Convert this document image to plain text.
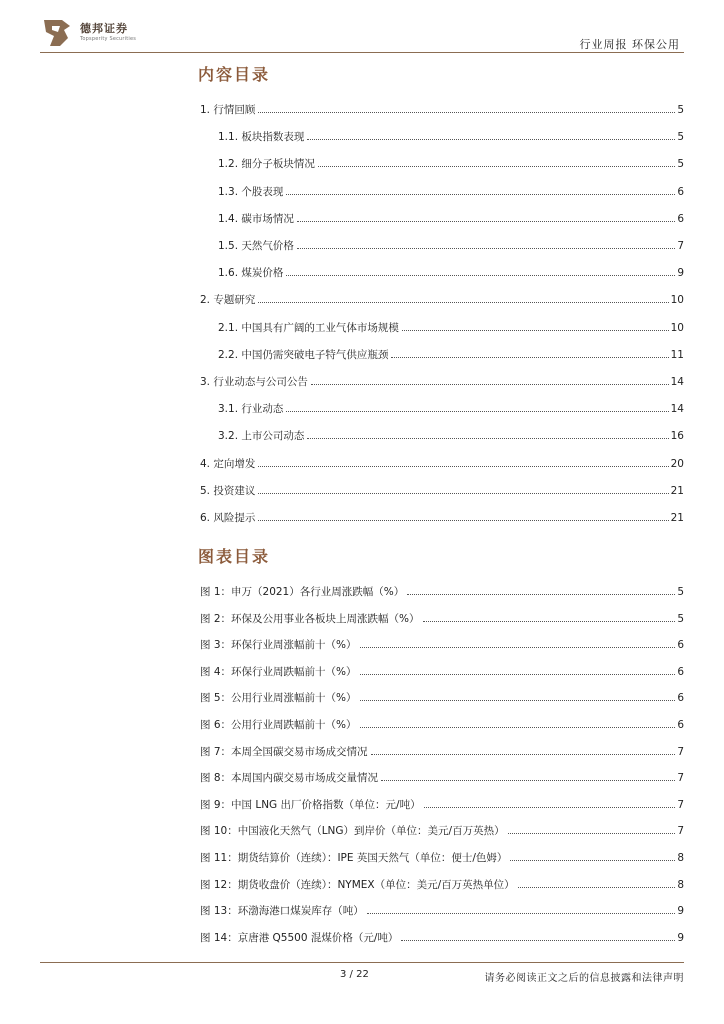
德邦证券
Topsperity Securities	行业周报 环保公用
内容目录
1. 行情回顾	5
1.1. 板块指数表现	5
1.2. 细分子板块情况	5
1.3. 个股表现	6
1.4. 碳市场情况	6
1.5. 天然气价格	7
1.6. 煤炭价格	9
2. 专题研究	10
2.1. 中国具有广阔的工业气体市场规模	10
2.2. 中国仍需突破电子特气供应瓶颈	11
3. 行业动态与公司公告	14
3.1. 行业动态	14
3.2. 上市公司动态	16
4. 定向增发	20
5. 投资建议	21
6. 风险提示	21
图表目录
图 1：申万（2021）各行业周涨跌幅（%）	5
图 2：环保及公用事业各板块上周涨跌幅（%）	5
图 3：环保行业周涨幅前十（%）	6
图 4：环保行业周跌幅前十（%）	6
图 5：公用行业周涨幅前十（%）	6
图 6：公用行业周跌幅前十（%）	6
图 7：本周全国碳交易市场成交情况	7
图 8：本周国内碳交易市场成交量情况	7
图 9：中国 LNG 出厂价格指数（单位：元/吨）	7
图 10：中国液化天然气（LNG）到岸价（单位：美元/百万英热）	7
图 11：期货结算价（连续）：IPE 英国天然气（单位：便士/色姆）	8
图 12：期货收盘价（连续）：NYMEX（单位：美元/百万英热单位）	8
图 13：环渤海港口煤炭库存（吨）	9
图 14：京唐港 Q5500 混煤价格（元/吨）	9
3 / 22	请务必阅读正文之后的信息披露和法律声明
